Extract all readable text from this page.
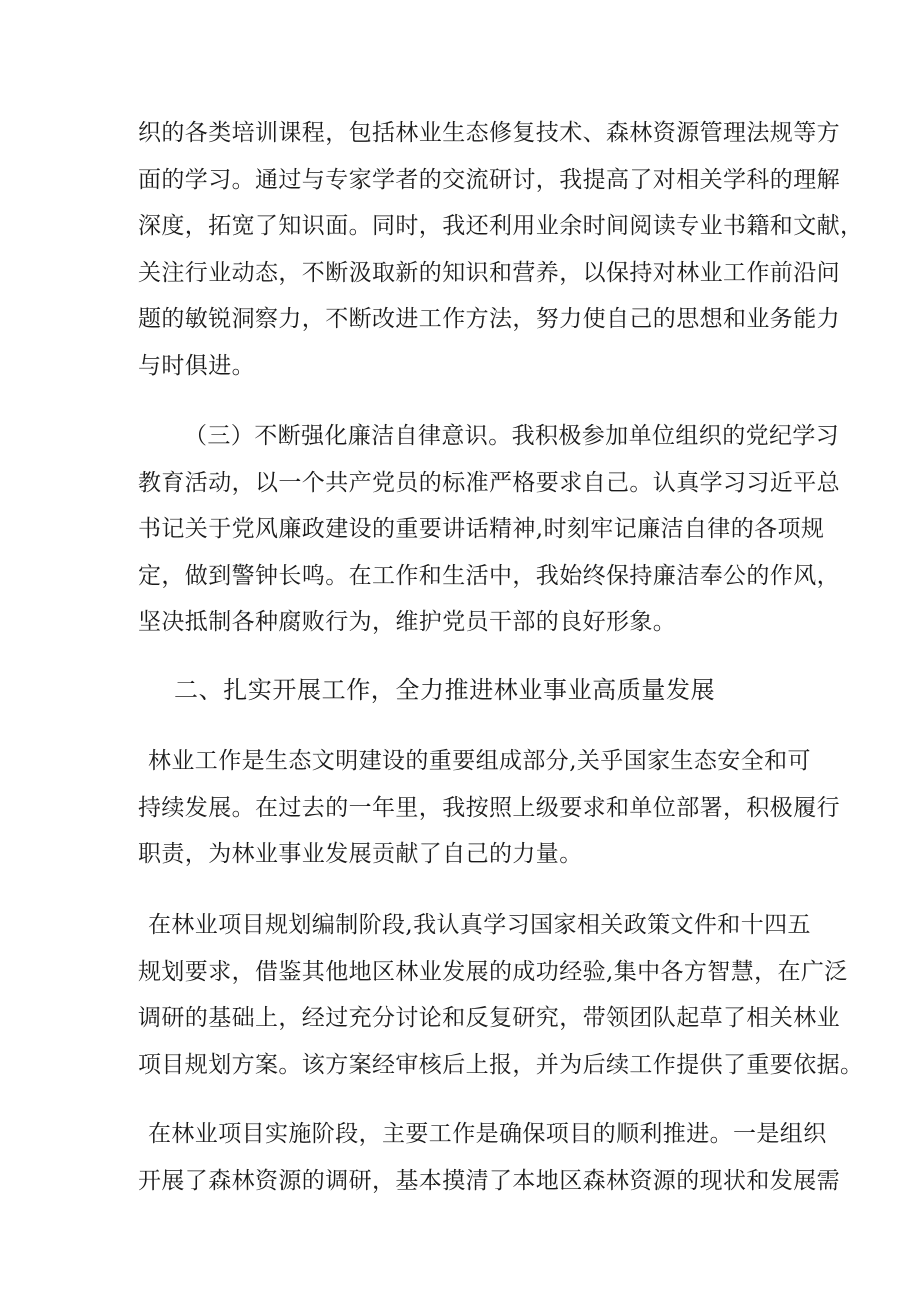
织的各类培训课程，包括林业生态修复技术、森林资源管理法规等方
面的学习。通过与专家学者的交流研讨，我提高了对相关学科的理解
深度，拓宽了知识面。同时，我还利用业余时间阅读专业书籍和文献，
关注行业动态，不断汲取新的知识和营养，以保持对林业工作前沿问
题的敏锐洞察力，不断改进工作方法，努力使自己的思想和业务能力
与时俱进。

（三）不断强化廉洁自律意识。我积极参加单位组织的党纪学习
教育活动，以一个共产党员的标准严格要求自己。认真学习习近平总
书记关于党风廉政建设的重要讲话精神,时刻牢记廉洁自律的各项规
定，做到警钟长鸣。在工作和生活中，我始终保持廉洁奉公的作风，
坚决抵制各种腐败行为，维护党员干部的良好形象。

二、扎实开展工作，全力推进林业事业高质量发展

林业工作是生态文明建设的重要组成部分,关乎国家生态安全和可
持续发展。在过去的一年里，我按照上级要求和单位部署，积极履行
职责，为林业事业发展贡献了自己的力量。

在林业项目规划编制阶段,我认真学习国家相关政策文件和十四五
规划要求，借鉴其他地区林业发展的成功经验,集中各方智慧，在广泛
调研的基础上，经过充分讨论和反复研究，带领团队起草了相关林业
项目规划方案。该方案经审核后上报，并为后续工作提供了重要依据。

在林业项目实施阶段，主要工作是确保项目的顺利推进。一是组织
开展了森林资源的调研，基本摸清了本地区森林资源的现状和发展需
